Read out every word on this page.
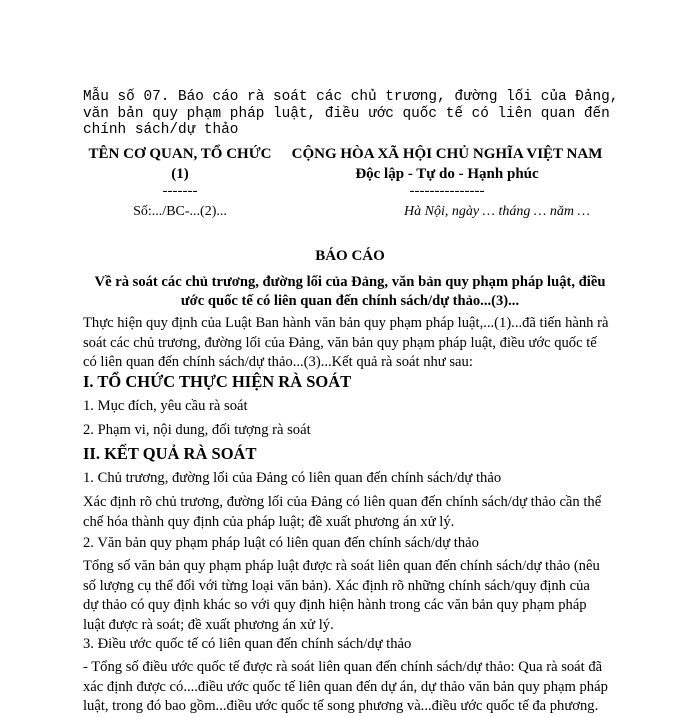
Mẫu số 07. Báo cáo rà soát các chủ trương, đường lối của Đảng,
văn bản quy phạm pháp luật, điều ước quốc tế có liên quan đến
chính sách/dự thảo
TÊN CƠ QUAN, TỔ CHỨC
(1)
-------
CỘNG HÒA XÃ HỘI CHỦ NGHĨA VIỆT NAM
Độc lập - Tự do - Hạnh phúc
---------------
Số:.../BC-...(2)...	Hà Nội, ngày … tháng … năm …
BÁO CÁO
Về rà soát các chủ trương, đường lối của Đảng, văn bản quy phạm pháp luật, điều
ước quốc tế có liên quan đến chính sách/dự thảo...(3)...
Thực hiện quy định của Luật Ban hành văn bản quy phạm pháp luật,...(1)...đã tiến hành rà
soát các chủ trương, đường lối của Đảng, văn bản quy phạm pháp luật, điều ước quốc tế
có liên quan đến chính sách/dự thảo...(3)...Kết quả rà soát như sau:
I. TỔ CHỨC THỰC HIỆN RÀ SOÁT
1. Mục đích, yêu cầu rà soát
2. Phạm vi, nội dung, đối tượng rà soát
II. KẾT QUẢ RÀ SOÁT
1. Chủ trương, đường lối của Đảng có liên quan đến chính sách/dự thảo
Xác định rõ chủ trương, đường lối của Đảng có liên quan đến chính sách/dự thảo cần thể
chế hóa thành quy định của pháp luật; đề xuất phương án xử lý.
2. Văn bản quy phạm pháp luật có liên quan đến chính sách/dự thảo
Tổng số văn bản quy phạm pháp luật được rà soát liên quan đến chính sách/dự thảo (nêu
số lượng cụ thể đối với từng loại văn bản). Xác định rõ những chính sách/quy định của
dự thảo có quy định khác so với quy định hiện hành trong các văn bản quy phạm pháp
luật được rà soát; đề xuất phương án xử lý.
3. Điều ước quốc tế có liên quan đến chính sách/dự thảo
- Tổng số điều ước quốc tế được rà soát liên quan đến chính sách/dự thảo: Qua rà soát đã
xác định được có....điều ước quốc tế liên quan đến dự án, dự thảo văn bản quy phạm pháp
luật, trong đó bao gồm...điều ước quốc tế song phương và...điều ước quốc tế đa phương.
